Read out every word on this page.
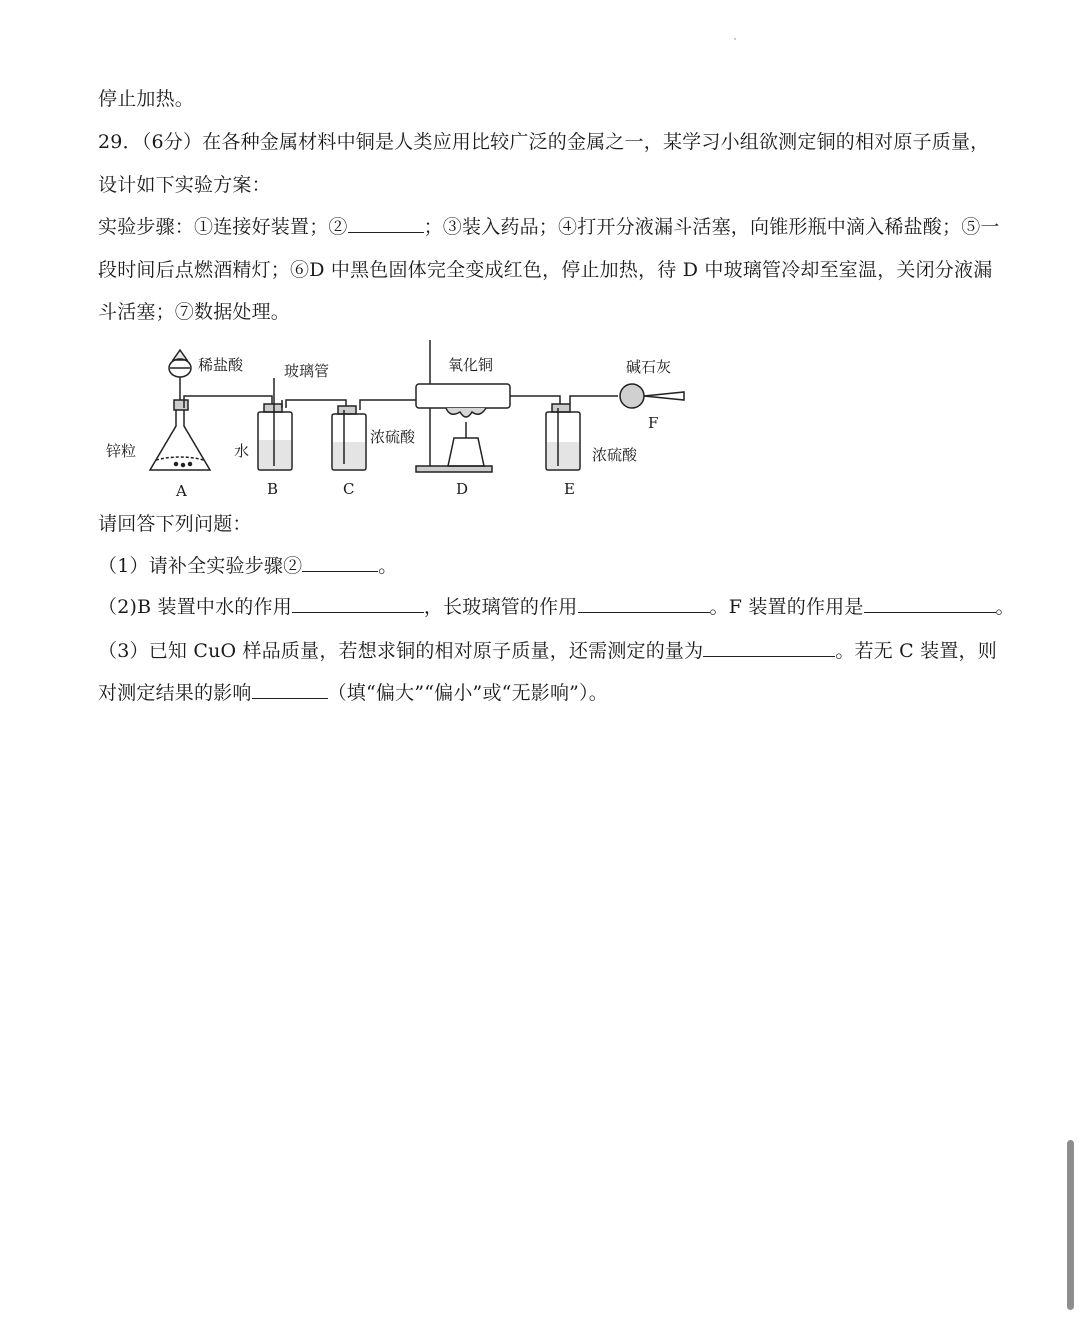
停止加热。
29．（6分）在各种金属材料中铜是人类应用比较广泛的金属之一，某学习小组欲测定铜的相对原子质量，
设计如下实验方案：
实验步骤：①连接好装置；②	；③装入药品；④打开分液漏斗活塞，向锥形瓶中滴入稀盐酸；⑤一
段时间后点燃酒精灯；⑥D 中黑色固体完全变成红色，停止加热，待 D 中玻璃管冷却至室温，关闭分液漏
斗活塞；⑦数据处理。
稀盐酸	玻璃管	氧化铜	碱石灰
锌粒	水
浓硫酸
浓硫酸
A	B	C	D	E
F
请回答下列问题：
（1）请补全实验步骤②	。
（2)B 装置中水的作用	，长玻璃管的作用	。F 装置的作用是	。
（3）已知 CuO 样品质量，若想求铜的相对原子质量，还需测定的量为	。若无 C 装置，则
对测定结果的影响	（填“偏大”“偏小”或“无影响”）。
